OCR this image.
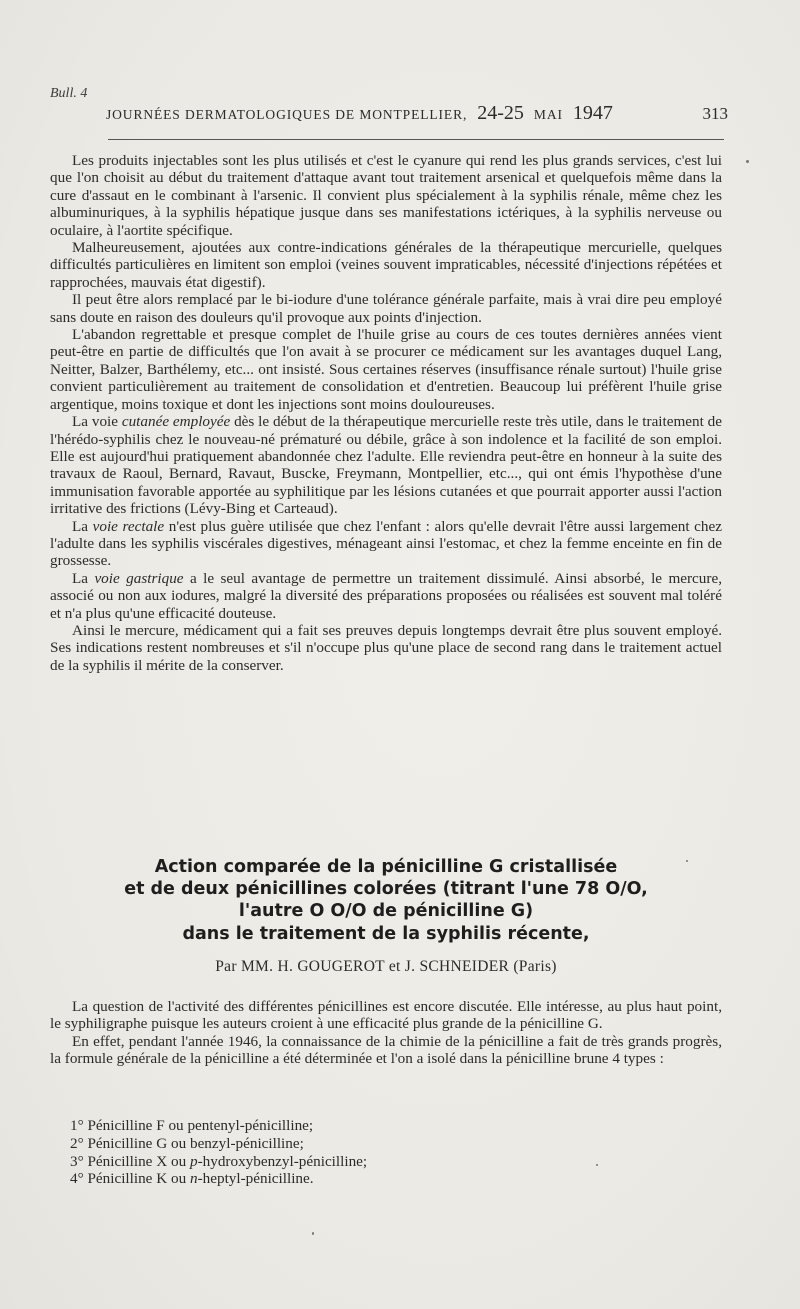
Bull. 4
JOURNÉES DERMATOLOGIQUES DE MONTPELLIER, 24-25 MAI 1947	313

Les produits injectables sont les plus utilisés et c'est le cyanure qui rend les plus grands services, c'est lui que l'on choisit au début du traitement d'attaque avant tout traitement arsenical et quelquefois même dans la cure d'assaut en le combinant à l'arsenic. Il convient plus spécialement à la syphilis rénale, même chez les albuminuriques, à la syphilis hépatique jusque dans ses manifestations ictériques, à la syphilis nerveuse ou oculaire, à l'aortite spécifique.

Malheureusement, ajoutées aux contre-indications générales de la thérapeutique mercurielle, quelques difficultés particulières en limitent son emploi (veines souvent impraticables, nécessité d'injections répétées et rapprochées, mauvais état digestif).

Il peut être alors remplacé par le bi-iodure d'une tolérance générale parfaite, mais à vrai dire peu employé sans doute en raison des douleurs qu'il provoque aux points d'injection.

L'abandon regrettable et presque complet de l'huile grise au cours de ces toutes dernières années vient peut-être en partie de difficultés que l'on avait à se procurer ce médicament sur les avantages duquel Lang, Neitter, Balzer, Barthélemy, etc... ont insisté. Sous certaines réserves (insuffisance rénale surtout) l'huile grise convient particulièrement au traitement de consolidation et d'entretien. Beaucoup lui préfèrent l'huile grise argentique, moins toxique et dont les injections sont moins douloureuses.

La voie cutanée employée dès le début de la thérapeutique mercurielle reste très utile, dans le traitement de l'hérédo-syphilis chez le nouveau-né prématuré ou débile, grâce à son indolence et la facilité de son emploi. Elle est aujourd'hui pratiquement abandonnée chez l'adulte. Elle reviendra peut-être en honneur à la suite des travaux de Raoul, Bernard, Ravaut, Buscke, Freymann, Montpellier, etc..., qui ont émis l'hypothèse d'une immunisation favorable apportée au syphilitique par les lésions cutanées et que pourrait apporter aussi l'action irritative des frictions (Lévy-Bing et Carteaud).

La voie rectale n'est plus guère utilisée que chez l'enfant : alors qu'elle devrait l'être aussi largement chez l'adulte dans les syphilis viscérales digestives, ménageant ainsi l'estomac, et chez la femme enceinte en fin de grossesse.

La voie gastrique a le seul avantage de permettre un traitement dissimulé. Ainsi absorbé, le mercure, associé ou non aux iodures, malgré la diversité des préparations proposées ou réalisées est souvent mal toléré et n'a plus qu'une efficacité douteuse.

Ainsi le mercure, médicament qui a fait ses preuves depuis longtemps devrait être plus souvent employé. Ses indications restent nombreuses et s'il n'occupe plus qu'une place de second rang dans le traitement actuel de la syphilis il mérite de la conserver.

Action comparée de la pénicilline G cristallisée
et de deux pénicillines colorées (titrant l'une 78 O/O,
l'autre O O/O de pénicilline G)
dans le traitement de la syphilis récente,
Par MM. H. GOUGEROT et J. SCHNEIDER (Paris)

La question de l'activité des différentes pénicillines est encore discutée. Elle intéresse, au plus haut point, le syphiligraphe puisque les auteurs croient à une efficacité plus grande de la pénicilline G.

En effet, pendant l'année 1946, la connaissance de la chimie de la pénicilline a fait de très grands progrès, la formule générale de la pénicilline a été déterminée et l'on a isolé dans la pénicilline brune 4 types :

1° Pénicilline F ou pentenyl-pénicilline;
2° Pénicilline G ou benzyl-pénicilline;
3° Pénicilline X ou p-hydroxybenzyl-pénicilline;
4° Pénicilline K ou n-heptyl-pénicilline.
